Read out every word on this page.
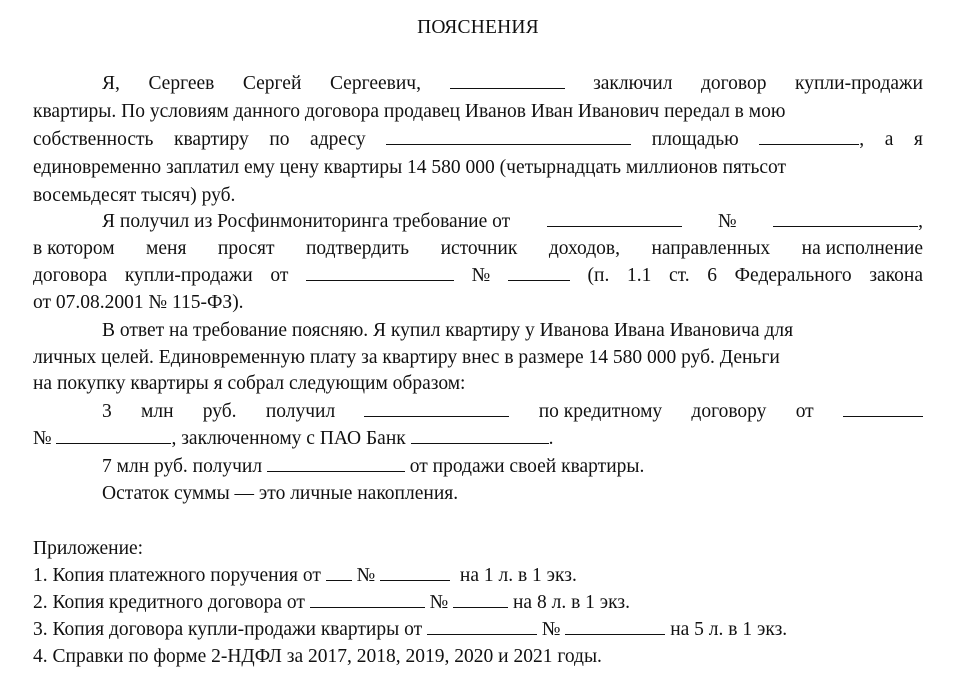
ПОЯСНЕНИЯ
Я, Сергеев Сергей Сергеевич,	заключил договор купли-продажи
квартиры. По условиям данного договора продавец Иванов Иван Иванович передал в мою
собственность квартиру по адресу	площадью	, а я
единовременно заплатил ему цену квартиры 14 580 000 (четырнадцать миллионов пятьсот
восемьдесят тысяч) руб.
Я получил из Росфинмониторинга требование от	№	,
в котором меня просят подтвердить источник доходов, направленных на исполнение
договора купли-продажи от	№	(п. 1.1 ст. 6 Федерального закона
от 07.08.2001 № 115-ФЗ).
В ответ на требование поясняю. Я купил квартиру у Иванова Ивана Ивановича для
личных целей. Единовременную плату за квартиру внес в размере 14 580 000 руб. Деньги
на покупку квартиры я собрал следующим образом:
3 млн руб. получил	по кредитному договору от
№	, заключенному с ПАО Банк	.
7 млн руб. получил	от продажи своей квартиры.
Остаток суммы — это личные накопления.
Приложение:
1. Копия платежного поручения от №	на 1 л. в 1 экз.
2. Копия кредитного договора от	№	на 8 л. в 1 экз.
3. Копия договора купли-продажи квартиры от	№	на 5 л. в 1 экз.
4. Справки по форме 2-НДФЛ за 2017, 2018, 2019, 2020 и 2021 годы.
